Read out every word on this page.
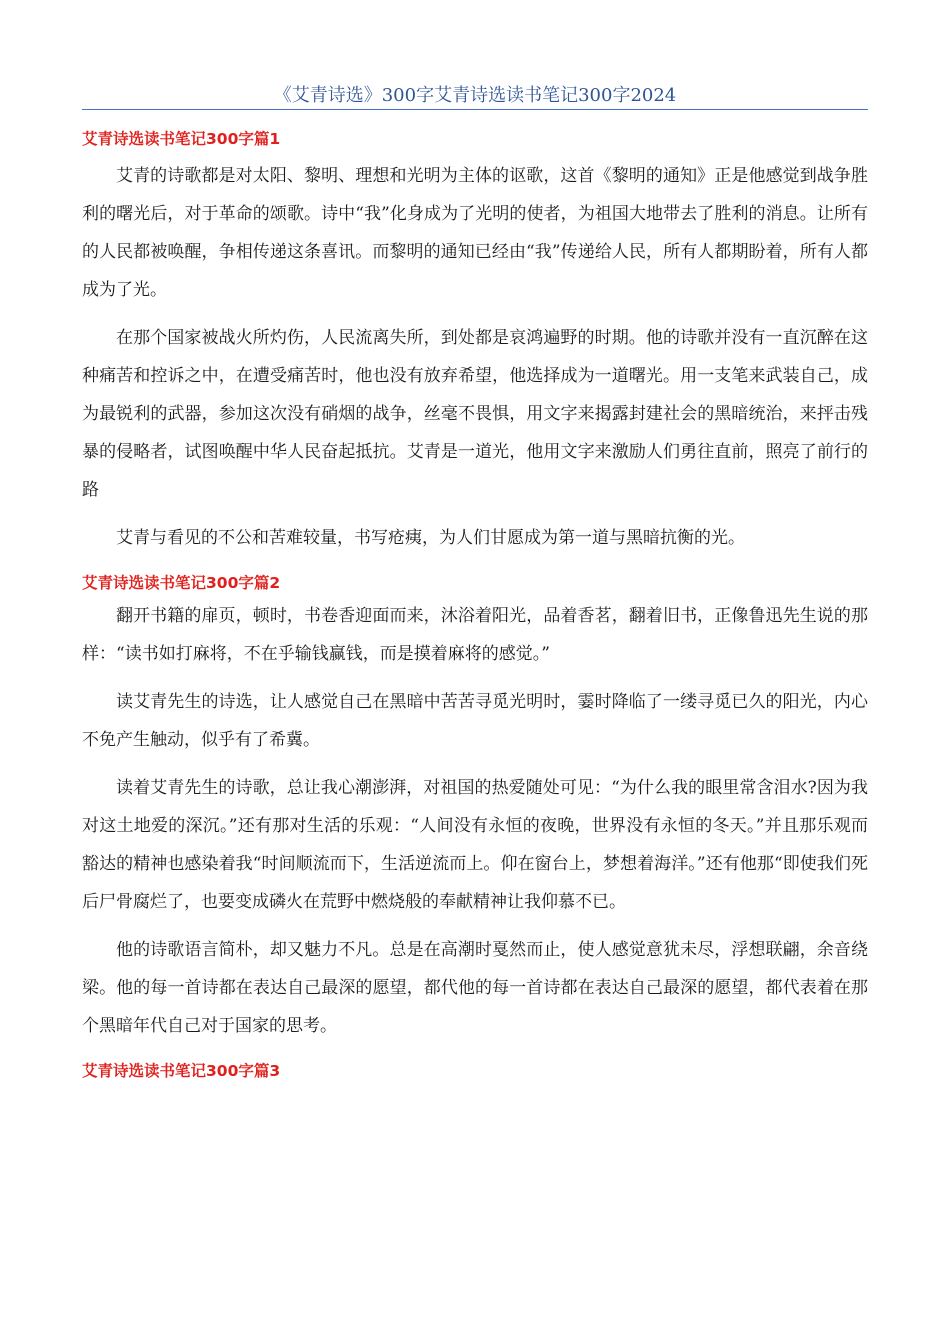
《艾青诗选》300字艾青诗选读书笔记300字2024
艾青诗选读书笔记300字篇1

艾青的诗歌都是对太阳、黎明、理想和光明为主体的讴歌，这首《黎明的通知》正是他感觉到战争胜利的曙光后，对于革命的颂歌。诗中“我”化身成为了光明的使者，为祖国大地带去了胜利的消息。让所有的人民都被唤醒，争相传递这条喜讯。而黎明的通知已经由“我”传递给人民，所有人都期盼着，所有人都成为了光。

在那个国家被战火所灼伤，人民流离失所，到处都是哀鸿遍野的时期。他的诗歌并没有一直沉醉在这种痛苦和控诉之中，在遭受痛苦时，他也没有放弃希望，他选择成为一道曙光。用一支笔来武装自己，成为最锐利的武器，参加这次没有硝烟的战争，丝毫不畏惧，用文字来揭露封建社会的黑暗统治，来抨击残暴的侵略者，试图唤醒中华人民奋起抵抗。艾青是一道光，他用文字来激励人们勇往直前，照亮了前行的路

艾青与看见的不公和苦难较量，书写疮痍，为人们甘愿成为第一道与黑暗抗衡的光。

艾青诗选读书笔记300字篇2

翻开书籍的扉页，顿时，书卷香迎面而来，沐浴着阳光，品着香茗，翻着旧书，正像鲁迅先生说的那样：“读书如打麻将，不在乎输钱赢钱，而是摸着麻将的感觉。”

读艾青先生的诗选，让人感觉自己在黑暗中苦苦寻觅光明时，霎时降临了一缕寻觅已久的阳光，内心不免产生触动，似乎有了希冀。

读着艾青先生的诗歌，总让我心潮澎湃，对祖国的热爱随处可见：“为什么我的眼里常含泪水?因为我对这土地爱的深沉。”还有那对生活的乐观：“人间没有永恒的夜晚，世界没有永恒的冬天。”并且那乐观而豁达的精神也感染着我“时间顺流而下，生活逆流而上。仰在窗台上，梦想着海洋。”还有他那“即使我们死后尸骨腐烂了，也要变成磷火在荒野中燃烧般的奉献精神让我仰慕不已。

他的诗歌语言简朴，却又魅力不凡。总是在高潮时戛然而止，使人感觉意犹未尽，浮想联翩，余音绕梁。他的每一首诗都在表达自己最深的愿望，都代他的每一首诗都在表达自己最深的愿望，都代表着在那个黑暗年代自己对于国家的思考。

艾青诗选读书笔记300字篇3
